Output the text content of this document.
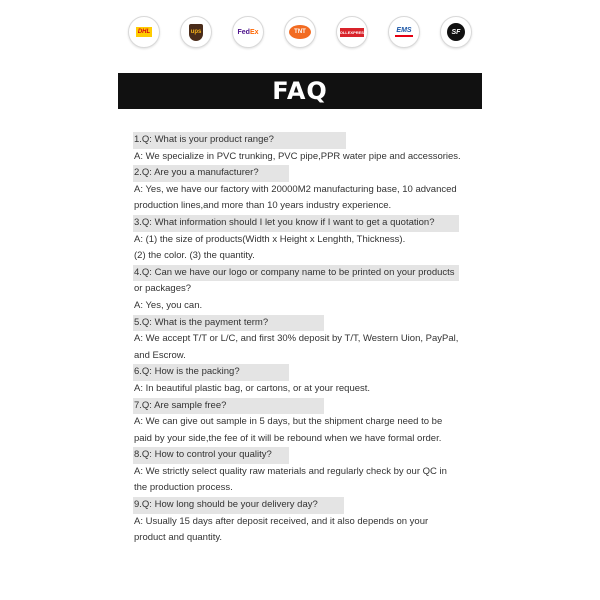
DHL	ups	FedEx	TNT	TOLLEXPRESS	EMS	SF
FAQ
1.Q: What is your product range?
A: We specialize in PVC trunking, PVC pipe,PPR water pipe and accessories.
2.Q: Are you a manufacturer?
A: Yes, we have our factory with 20000M2 manufacturing base, 10 advanced
production lines,and more than 10 years industry experience.
3.Q: What information should I let you know if I want to get a quotation?
A: (1) the size of products(Width x Height x Lenghth, Thickness).
(2) the color. (3) the quantity.
4.Q: Can we have our logo or company name to be printed on your products
or packages?
A: Yes, you can.
5.Q: What is the payment term?
A: We accept T/T or L/C, and first 30% deposit by T/T, Western Uion, PayPal,
and Escrow.
6.Q: How is the packing?
A: In beautiful plastic bag, or cartons, or at your request.
7.Q: Are sample free?
A: We can give out sample in 5 days, but the shipment charge need to be
paid by your side,the fee of it will be rebound when we have formal order.
8.Q: How to control your quality?
A: We strictly select quality raw materials and regularly check by our QC in
the production process.
9.Q: How long should be your delivery day?
A: Usually 15 days after deposit received, and it also depends on your
product and quantity.
